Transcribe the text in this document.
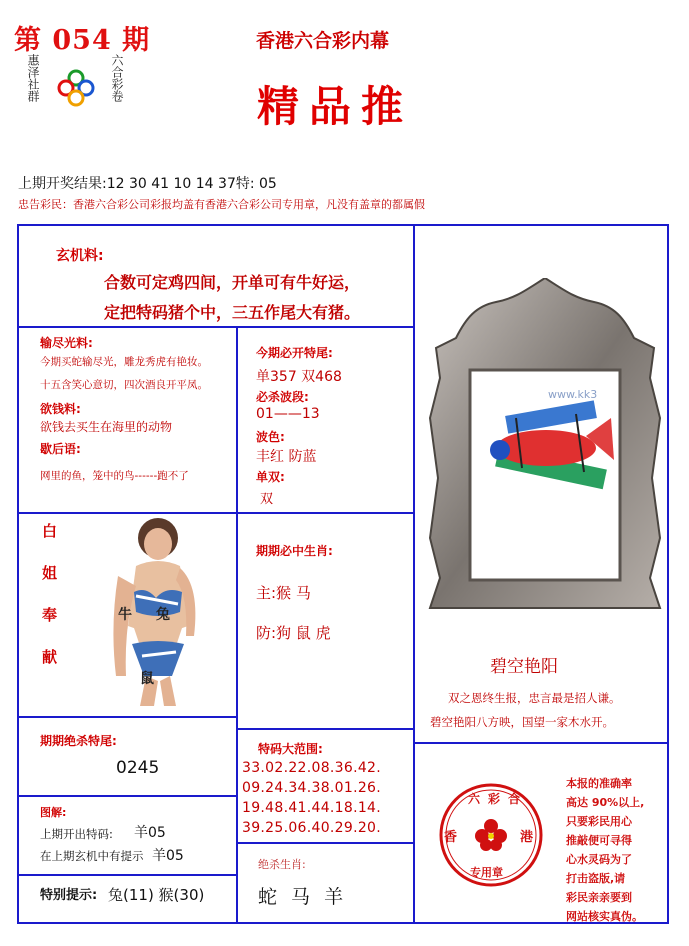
第 054 期
惠泽社群	六合彩卷
香港六合彩内幕
精品推
上期开奖结果:12 30 41 10 14 37特: 05
忠告彩民：香港六合彩公司彩报均盖有香港六合彩公司专用章，凡没有盖章的都属假
玄机料:
合数可定鸡四间，开单可有牛好运，
定把特码猪个中，三五作尾大有猪。
输尽光料:
今期买蛇输尽光，雕龙秀虎有艳妆。
十五含笑心意切，四次酒良开平凤。
欲钱料:
欲钱去买生在海里的动物
歇后语:
网里的鱼，笼中的鸟------跑不了
今期必开特尾:
单357 双468
必杀波段:
01——13
波色:
丰红 防蓝
单双:
双
白
姐
奉
献
牛 兔
鼠
期期必中生肖:
主:猴 马
防:狗 鼠 虎
www.kk3
碧空艳阳
双之恩终生报，忠言最是招人谦。
碧空艳阳八方映，国望一家木水开。
期期绝杀特尾:
0245
特码大范围:
33.02.22.08.36.42.
09.24.34.38.01.26.
19.48.41.44.18.14.
39.25.06.40.29.20.
图解:
上期开出特码: 羊05
在上期玄机中有提示 羊05
特别提示: 兔(11) 猴(30)
绝杀生肖:
蛇 马 羊
六彩合
香	港
专用章
本报的准确率
高达 90%以上,
只要彩民用心
推敲便可寻得
心水灵码为了
打击盗版,请
彩民亲亲要到
网站核实真伪。
